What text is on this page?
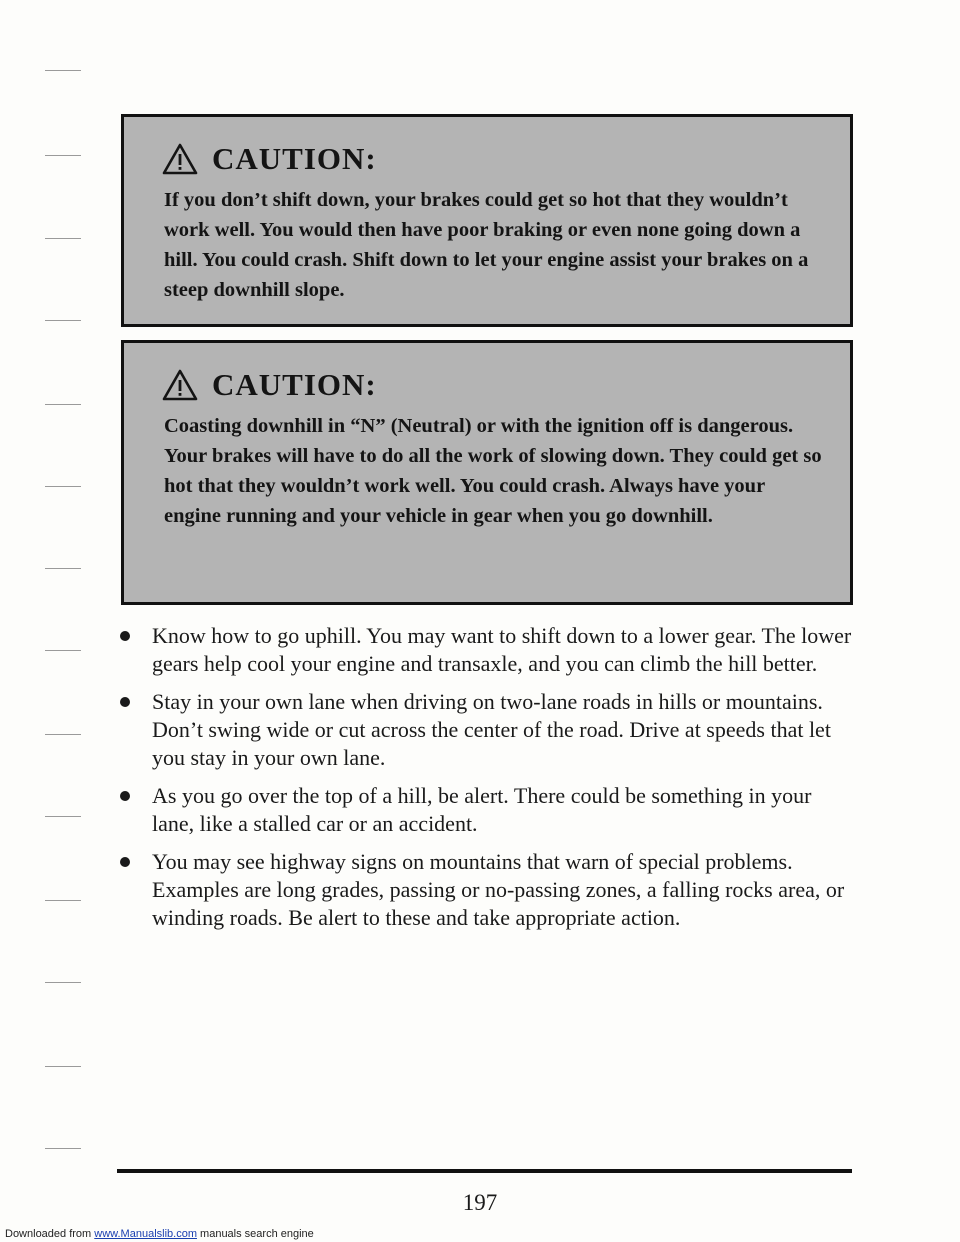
CAUTION:

If you don’t shift down, your brakes could get so hot that they wouldn’t work well. You would then have poor braking or even none going down a hill. You could crash. Shift down to let your engine assist your brakes on a steep downhill slope.

CAUTION:

Coasting downhill in “N” (Neutral) or with the ignition off is dangerous. Your brakes will have to do all the work of slowing down. They could get so hot that they wouldn’t work well. You could crash. Always have your engine running and your vehicle in gear when you go downhill.

Know how to go uphill. You may want to shift down to a lower gear. The lower gears help cool your engine and transaxle, and you can climb the hill better.
Stay in your own lane when driving on two-lane roads in hills or mountains. Don’t swing wide or cut across the center of the road. Drive at speeds that let you stay in your own lane.
As you go over the top of a hill, be alert. There could be something in your lane, like a stalled car or an accident.
You may see highway signs on mountains that warn of special problems. Examples are long grades, passing or no-passing zones, a falling rocks area, or winding roads. Be alert to these and take appropriate action.
197
Downloaded from www.Manualslib.com manuals search engine
